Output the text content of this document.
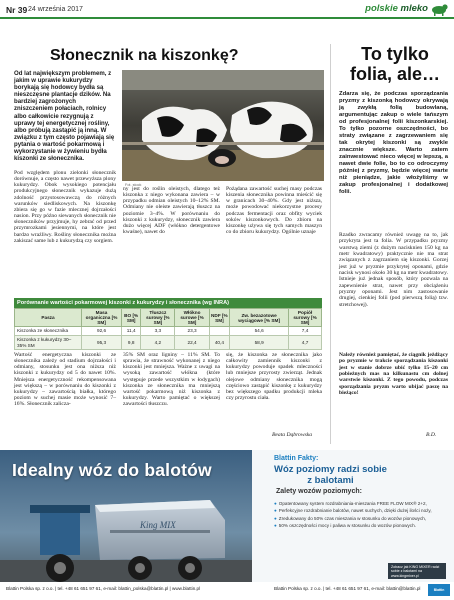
Nr 39 24 września 2017	polskie mleko
Słonecznik na kiszonkę?

Od lat największym problemem, z jakim w uprawie kukurydzy borykają się hodowcy bydła są nieszczęsne plantacje dzików. Na bardziej zagrożonych zniszczeniem połaciach, rolnicy albo całkowicie rezygnują z uprawy tej energetycznej rośliny, albo próbują zastąpić ją inną. W związku z tym często pojawiają się pytania o wartość pokarmową i wykorzystanie w żywieniu bydła kiszonki ze słonecznika.

Fot. stock

Pod względem plonu zielonki słonecznik dorównuje, a często nawet przewyższa plony kukurydzy. Obok wysokiego potencjału produkcyjnego słonecznik wykazuje dużą zdolność przystosowawczą do różnych warunków siedliskowych. Na kiszonkę zbiera się go w fazie mlecznej dojrzałości nasion. Przy późno siewanych słonecznik nie słoneczników przyjmuje, hy zebrać od przed przymrozkami jesiennymi, na które jest bardzo wrażliwy. Rośliny słonecznika można zakiszać same lub z kukurydzą czy sorgiem.

ny jest do roślin oleistych, dlatego też kiszonka z niego wykonana zawiera – w przypadku odmian oleistych 10–12% SM. Odmiany nie oleiste zawierają tłuszcz na poziomie 3–4%. W porównaniu do kiszonki z kukurydzy, słonecznik zawiera dużo więcej ADF (włókno detergentowe kwaśne), nawet do

Pożądana zawartość suchej masy podczas kiszenia słonecznika powinna mieścić się w granicach 30–40%. Gdy jest niższa, może powodować niekorzystne procesy podczas fermentacji oraz obfity wyciek soków kiszonkowych. Do zbioru na kiszonkę używa się tych samych maszyn co do zbioru kukurydzy. Ogólnie uznaje

Porównanie wartości pokarmowej kiszonki z kukurydzy i słonecznika (wg INRA)
Pasza	Masa organiczna [% SM]	BO [% SM]	Tłuszcz surowy [% SM]	Włókno surowe [% SM]	NDF [% SM]	Zw. bezazotowe wyciągowe [% SM]	Popiół surowy [% SM]
Kiszonka ze słonecznika	92,6	11,4	3,3	23,3		54,6	7,4
Kiszonka z kukurydzy 30–35% SM	95,3	9,8	4,2	22,4	40,4	58,9	4,7

Wartość energetyczna kiszonki ze słonecznika zależy od stadium dojrzałości i odmiany, stosunku jest ona niższa niż kiszonki z kukurydzy od 5 do nawet 10%. Mniejsza energetyczność rekompensowana jest większą – w porównaniu do kiszonki z kukurydzy – zawartością białka, którego poziom w suchej masie może wynosić 7–16%. Słonecznik zalicza-

35% SM oraz ligniny – 11% SM. To sprawia, że strawność wykonanej z niego kiszonki jest mniejsza. Ważne z uwagi na wysoką zawartość włókna (które występuje przede wszystkim w łodygach) kiszonka ze słonecznika ma mniejszą wartość pokarmową niż kiszonka z kukurydzy. Warto pamiętać o większej zawartości tłuszczu.

się, że kiszonka ze słonecznika jako całkowity zamiennik kiszonki z kukurydzy powoduje spadek mleczności lub mniejsze przyrosty zwierząt. Jednak olejowe odmiany słonecznika mogą częściowo zastąpić kiszonkę z kukurydzy bez większego spadku produkcji mleka czy przyrostu ciała.

Beata Dąbrowska
To tylko folia, ale…

Zdarza się, że podczas sporządzania pryzmy z kiszonką hodowcy okrywają ją zwykłą folią budowlaną, argumentując zakup o wiele tańszym od profesjonalnej folii kiszonkarskiej. To tylko pozorne oszczędności, bo straty związane z zagrzewaniem się tak okrytej kiszonki są zwykle znacznie większe. Warto zatem zainwestować nieco więcej w lepszą, a nawet dwie folie, bo to co odroczymy później z pryzmy, będzie więcej warte niż pieniądze, jakie włożyliśmy w zakup profesjonalnej i dodatkowej folii.

Rzadko zwracamy również uwagę na to, jak przykryta jest ta folia. W przypadku pryzmy warstwą ziemi (z dużym nacisknien 150 kg na metr kwadratowy) praktycznie nie ma strat związanych z zagrzaniem się kiszonki. Gorzej jest już w pryzmie przykrytej oponami, gdzie nacisk wynosi około 30 kg na metr kwadratowy. Istnieje już jednak sposób, który pozwala na zapewnienie strat, nawet przy obciążeniu pryzmy oponami. Jest nim zastosowanie drugiej, cienkiej folii (pod pierwszą folią) tzw. stretchowej).

Należy również pamiętać, że ciągnik jeżdżący po pryzmie w trakcie sporządzania kiszonki jest w stanie dobrze ubić tylko 15–20 cm pobieżnych mas na kilkunastu cm dolnej warstwie kiszonki. Z tego powodu, podczas sporządzania pryzm warto ubijać paszę na bieżąco!

B.D.
King MIX
Idealny wóz do balotów
Blattin Fakty:
Wóz poziomy radzi sobie
z balotami
Zalety wozów poziomych:
● Opatentowany system rozdrabniania-mieszania FREE FLOW MIX® 2+2,
● Perfekcyjne rozdrabnianie balotów, nawet suchych, dzięki dużej ilości noży,
● Zredukowany do 50% czas mieszania w stosunku do wozów pionowych,
● 50% oszczędności mocy i paliwa w stosunku do wozów pionowych.
Zobacz jak KING MIXER radzi sobie z balotami na www.kingmixer.pl
Blattin Polska sp. z o.o. | tel. +48 61 651 97 61, e-mail: blattin_polska@blattin.pl | www.blattin.pl	Blattin Polska sp. z o.o. | tel. +48 61 651 97 61, e-mail: blattin@blattin.pl	Blattin
